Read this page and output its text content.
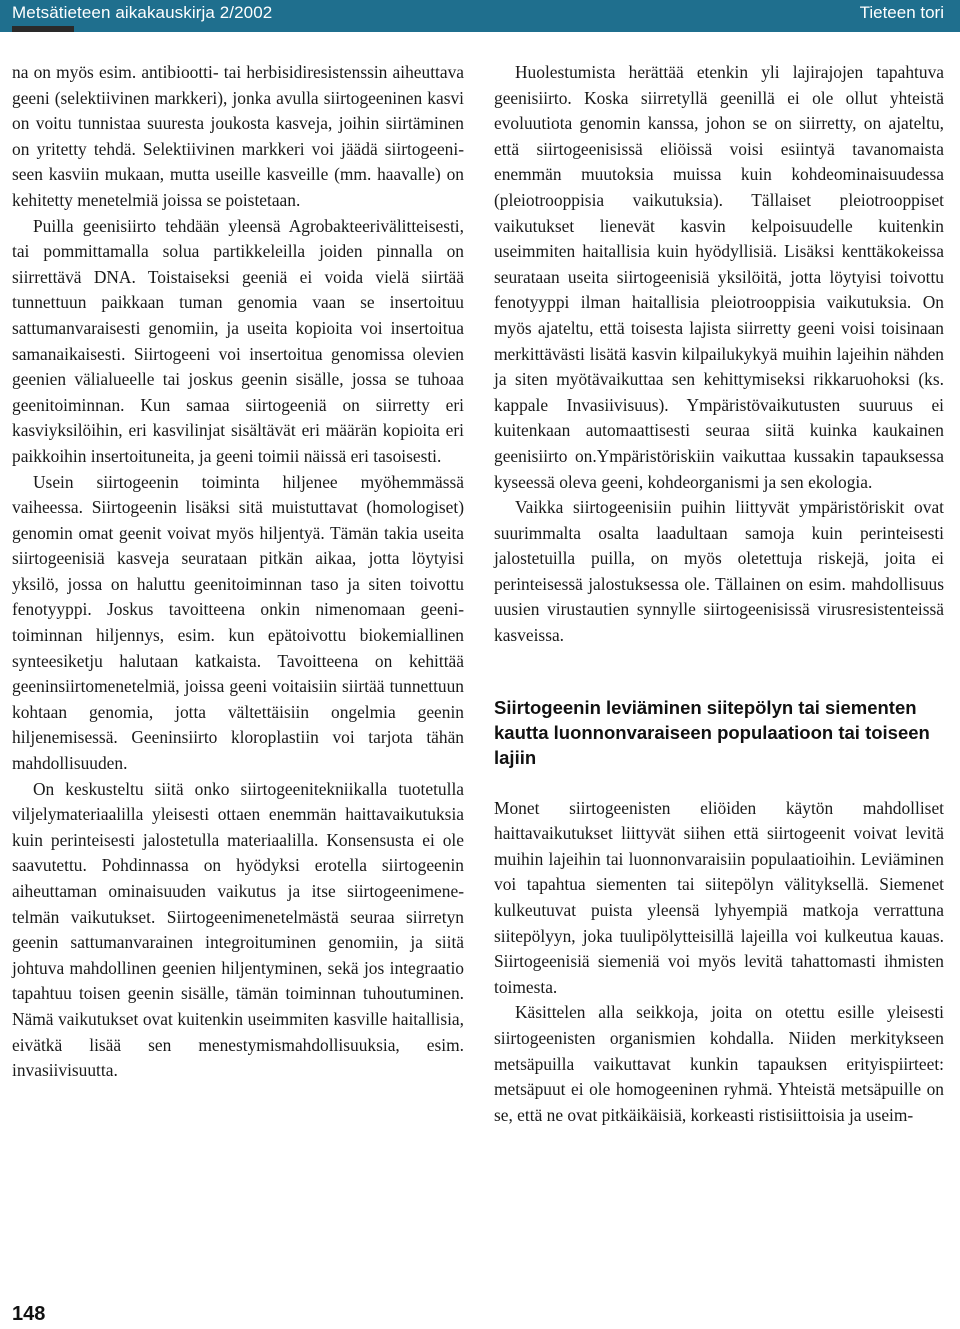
Metsätieteen aikakauskirja 2/2002	Tieteen tori

na on myös esim. antibiootti- tai herbisidiresistenssin aiheuttava geeni (selektiivinen markkeri), jonka avulla siirtogeeninen kasvi on voitu tunnistaa suuresta joukosta kasveja, joihin siirtäminen on yritetty tehdä. Selektiivinen markkeri voi jäädä siirtogeeniseen kasviin mukaan, mutta useille kasveille (mm. haavalle) on kehitetty menetelmiä joissa se poistetaan.

Puilla geenisiirto tehdään yleensä Agrobakteerivälitteisesti, tai pommittamalla solua partikkeleilla joiden pinnalla on siirrettävä DNA. Toistaiseksi geeniä ei voida vielä siirtää tunnettuun paikkaan tuman genomia vaan se insertoituu sattumanvaraisesti genomiin, ja useita kopioita voi insertoitua samanaikaisesti. Siirtogeeni voi insertoitua genomissa olevien geenien välialueelle tai joskus geenin sisälle, jossa se tuhoaa geenitoiminnan. Kun samaa siirtogeeniä on siirretty eri kasviyksilöihin, eri kasvilinjat sisältävät eri määrän kopioita eri paikkoihin insertoituneita, ja geeni toimii näissä eri tasoisesti.

Usein siirtogeenin toiminta hiljenee myöhemmässä vaiheessa. Siirtogeenin lisäksi sitä muistuttavat (homologiset) genomin omat geenit voivat myös hiljentyä. Tämän takia useita siirtogeenisiä kasveja seurataan pitkän aikaa, jotta löytyisi yksilö, jossa on haluttu geenitoiminnan taso ja siten toivottu fenotyyppi. Joskus tavoitteena onkin nimenomaan geenitoiminnan hiljennys, esim. kun epätoivottu biokemiallinen synteesiketju halutaan katkaista. Tavoitteena on kehittää geeninsiirtomenetelmiä, joissa geeni voitaisiin siirtää tunnettuun kohtaan genomia, jotta vältettäisiin ongelmia geenin hiljenemisessä. Geeninsiirto kloroplastiin voi tarjota tähän mahdollisuuden.

On keskusteltu siitä onko siirtogeenitekniikalla tuotetulla viljelymateriaalilla yleisesti ottaen enemmän haittavaikutuksia kuin perinteisesti jalostetulla materiaalilla. Konsensusta ei ole saavutettu. Pohdinnassa on hyödyksi erotella siirtogeenin aiheuttaman ominaisuuden vaikutus ja itse siirtogeenimenetelmän vaikutukset. Siirtogeenimenetelmästä seuraa siirretyn geenin sattumanvarainen integroituminen genomiin, ja siitä johtuva mahdollinen geenien hiljentyminen, sekä jos integraatio tapahtuu toisen geenin sisälle, tämän toiminnan tuhoutuminen. Nämä vaikutukset ovat kuitenkin useimmiten kasville haitallisia, eivätkä lisää sen menestymismahdollisuuksia, esim. invasiivisuutta.

Huolestumista herättää etenkin yli lajirajojen tapahtuva geenisiirto. Koska siirretyllä geenillä ei ole ollut yhteistä evoluutiota genomin kanssa, johon se on siirretty, on ajateltu, että siirtogeenisissä eliöissä voisi esiintyä tavanomaista enemmän muutoksia muissa kuin kohdeominaisuudessa (pleiotrooppisia vaikutuksia). Tällaiset pleiotrooppiset vaikutukset lienevät kasvin kelpoisuudelle kuitenkin useimmiten haitallisia kuin hyödyllisiä. Lisäksi kenttäkokeissa seurataan useita siirtogeenisiä yksilöitä, jotta löytyisi toivottu fenotyyppi ilman haitallisia pleiotrooppisia vaikutuksia. On myös ajateltu, että toisesta lajista siirretty geeni voisi toisinaan merkittävästi lisätä kasvin kilpailukykyä muihin lajeihin nähden ja siten myötävaikuttaa sen kehittymiseksi rikkaruohoksi (ks. kappale Invasiivisuus). Ympäristövaikutusten suuruus ei kuitenkaan automaattisesti seuraa siitä kuinka kaukainen geenisiirto on.Ympäristöriskiin vaikuttaa kussakin tapauksessa kyseessä oleva geeni, kohdeorganismi ja sen ekologia.

Vaikka siirtogeenisiin puihin liittyvät ympäristöriskit ovat suurimmalta osalta laadultaan samoja kuin perinteisesti jalostetuilla puilla, on myös oletettuja riskejä, joita ei perinteisessä jalostuksessa ole. Tällainen on esim. mahdollisuus uusien virustautien synnylle siirtogeenisissä virusresistenteissä kasveissa.

Siirtogeenin leviäminen siitepölyn tai siementen kautta luonnonvaraiseen populaatioon tai toiseen lajiin

Monet siirtogeenisten eliöiden käytön mahdolliset haittavaikutukset liittyvät siihen että siirtogeenit voivat levitä muihin lajeihin tai luonnonvaraisiin populaatioihin. Leviäminen voi tapahtua siementen tai siitepölyn välityksellä. Siemenet kulkeutuvat puista yleensä lyhyempiä matkoja verrattuna siitepölyyn, joka tuulipölytteisillä lajeilla voi kulkeutua kauas. Siirtogeenisiä siemeniä voi myös levitä tahattomasti ihmisten toimesta.

Käsittelen alla seikkoja, joita on otettu esille yleisesti siirtogeenisten organismien kohdalla. Niiden merkitykseen metsäpuilla vaikuttavat kunkin tapauksen erityispiirteet: metsäpuut ei ole homogeeninen ryhmä. Yhteistä metsäpuille on se, että ne ovat pitkäikäisiä, korkeasti ristisiittoisia ja useim-

148
